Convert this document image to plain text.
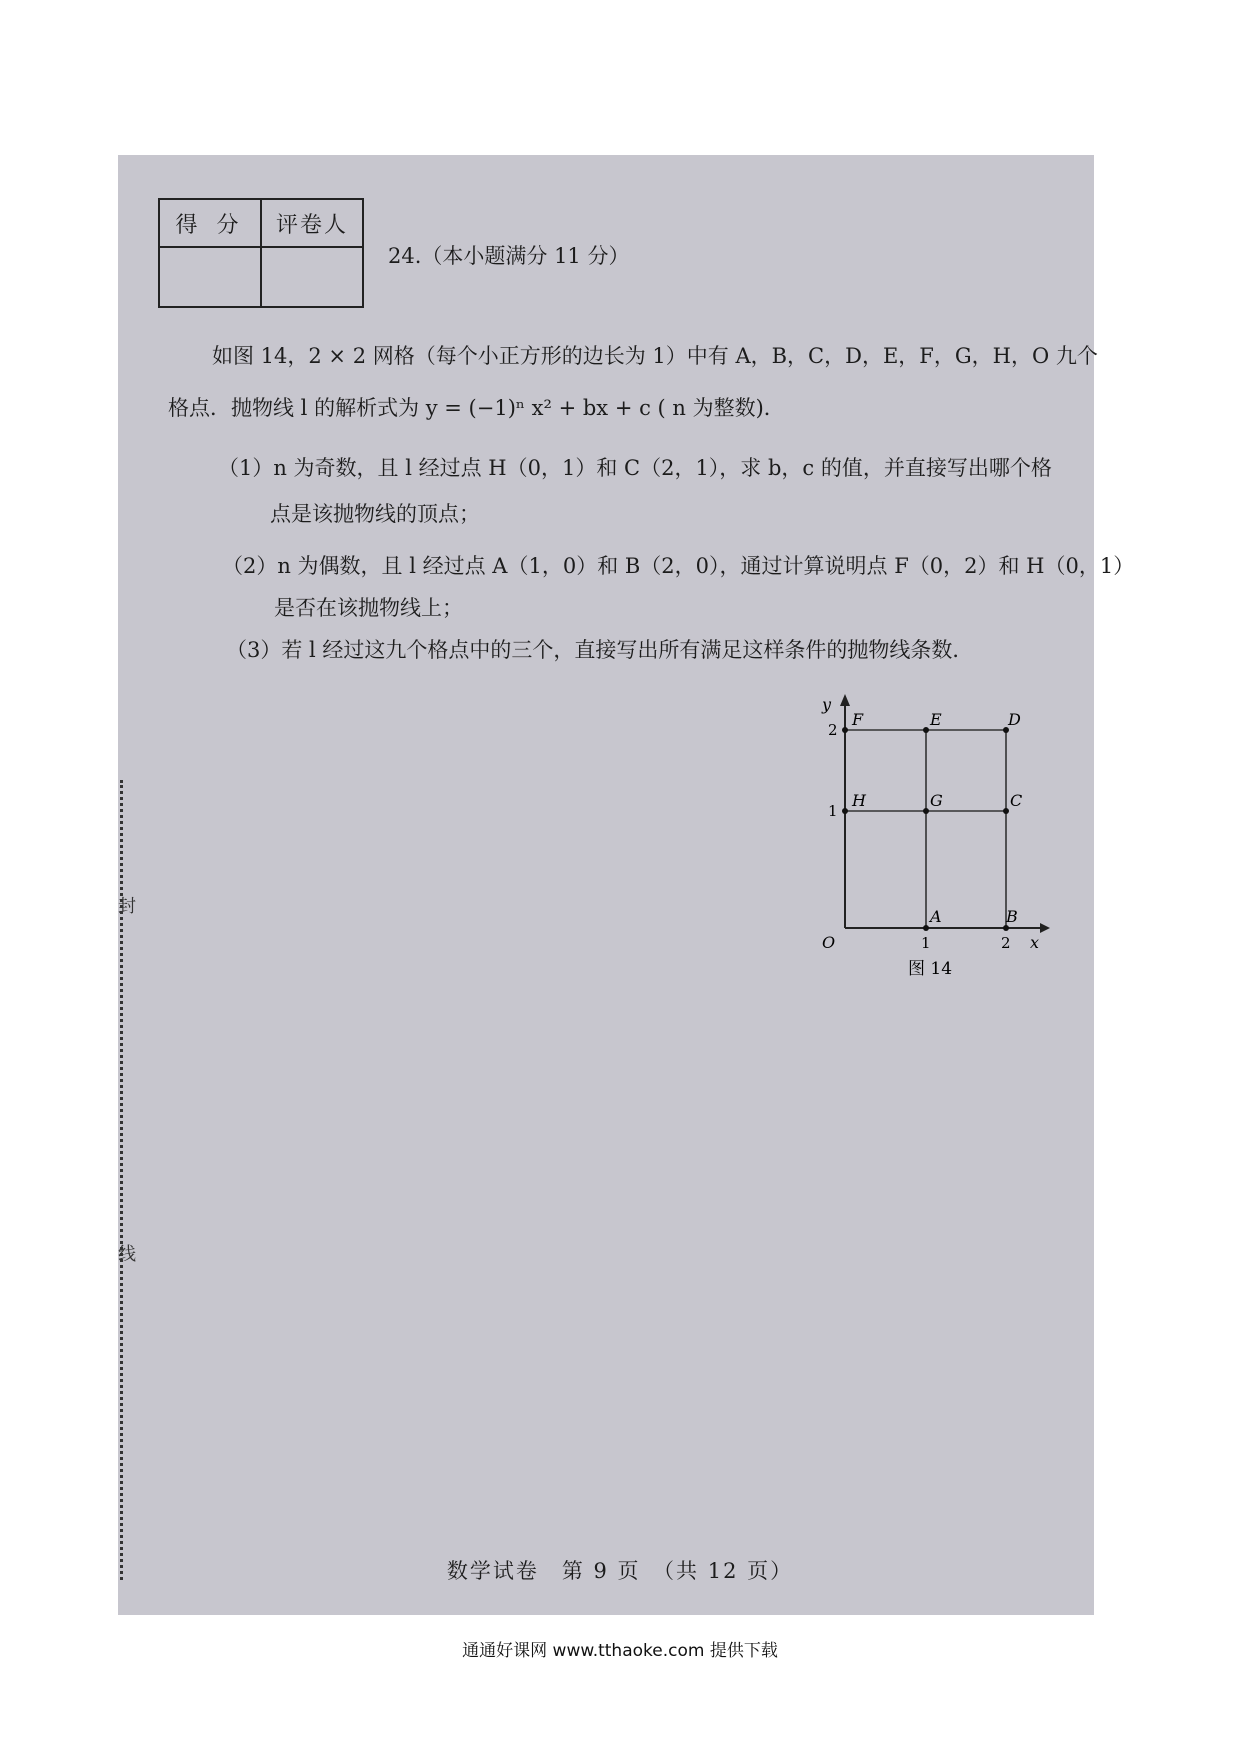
封
线
得 分	评卷人

24.（本小题满分 11 分）
如图 14，2 × 2 网格（每个小正方形的边长为 1）中有 A，B，C，D，E，F，G，H，O 九个
格点．抛物线 l 的解析式为 y = (−1)ⁿ x² + bx + c ( n 为整数)．
（1）n 为奇数，且 l 经过点 H（0，1）和 C（2，1），求 b，c 的值，并直接写出哪个格
点是该抛物线的顶点；
（2）n 为偶数，且 l 经过点 A（1，0）和 B（2，0），通过计算说明点 F（0，2）和 H（0，1）
是否在该抛物线上；
（3）若 l 经过这九个格点中的三个，直接写出所有满足这样条件的抛物线条数．
F	E	D
H	G	C
A	B
y
x
O	1	2
1
2
图 14
数学试卷　第 9 页　（共 12 页）
通通好课网 www.tthaoke.com 提供下载
